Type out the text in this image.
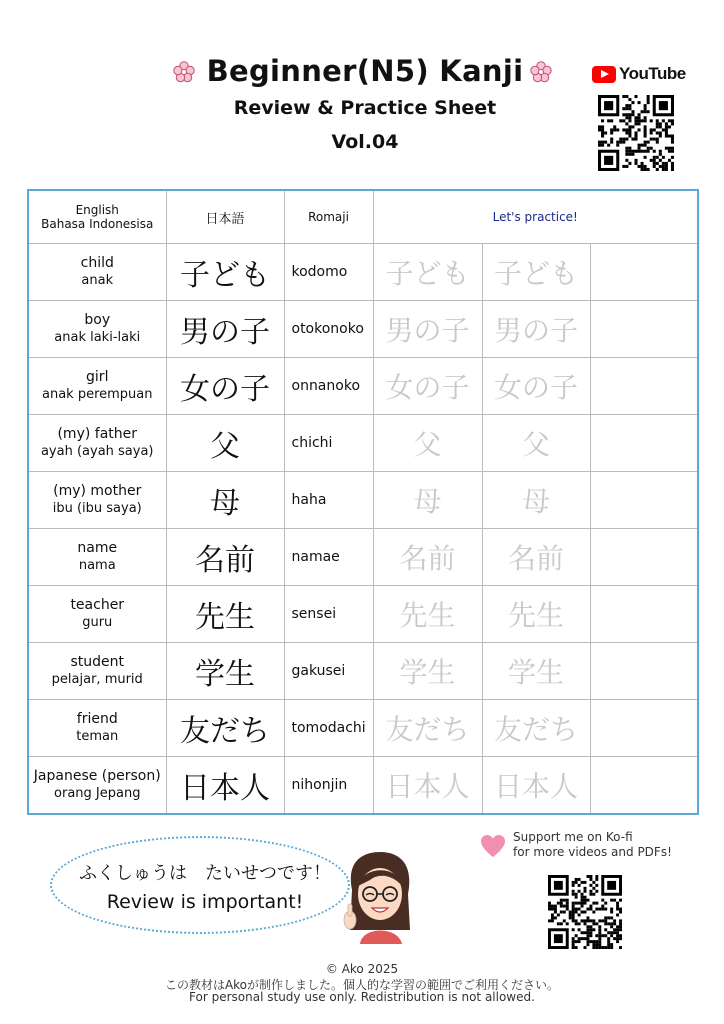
Beginner(N5) Kanji
Review & Practice Sheet
Vol.04
YouTube
English
Bahasa Indonesisa	日本語	Romaji	Let's practice!		

child
anak	子ども	kodomo	子ども	子ども	

boy
anak laki-laki	男の子	otokonoko	男の子	男の子	

girl
anak perempuan	女の子	onnanoko	女の子	女の子	

(my) father
ayah (ayah saya)	父	chichi	父	父	

(my) mother
ibu (ibu saya)	母	haha	母	母	

name
nama	名前	namae	名前	名前	

teacher
guru	先生	sensei	先生	先生	

student
pelajar, murid	学生	gakusei	学生	学生	

friend
teman	友だち	tomodachi	友だち	友だち	

Japanese (person)
orang Jepang	日本人	nihonjin	日本人	日本人	
Support me on Ko-fi
for more videos and PDFs!
ふくしゅうは　たいせつです！
Review is important!
© Ako 2025
この教材はAkoが制作しました。個人的な学習の範囲でご利用ください。
For personal study use only. Redistribution is not allowed.
